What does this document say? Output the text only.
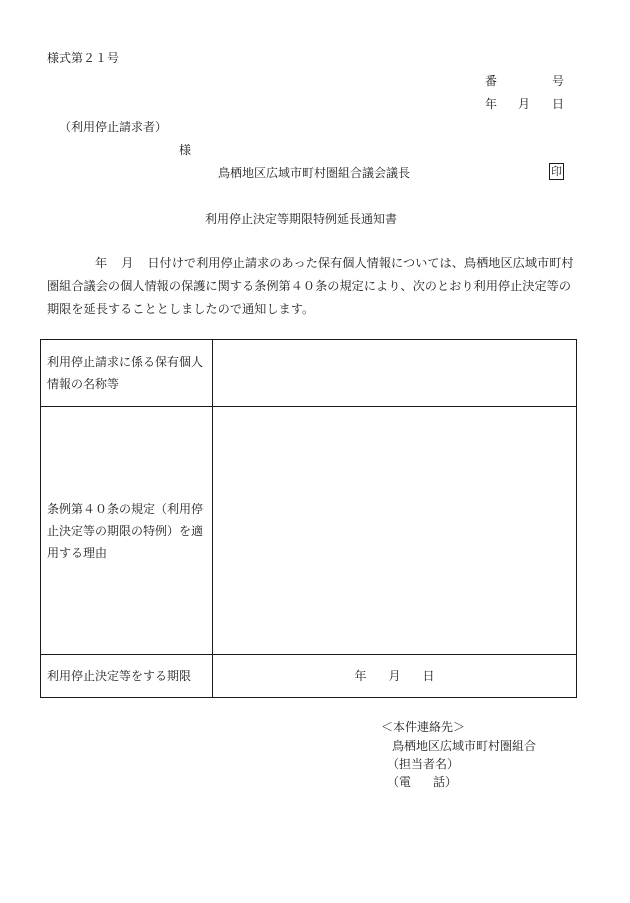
様式第２１号
番	号
年 月 日
（利用停止請求者）
様
鳥栖地区広域市町村圏組合議会議長	印
利用停止決定等期限特例延長通知書
年 月 日付けで利用停止請求のあった保有個人情報については、鳥栖地区広域市町村圏組合議会の個人情報の保護に関する条例第４０条の規定により、次のとおり利用停止決定等の期限を延長することとしましたので通知します。
利用停止請求に係る保有個人情報の名称等	
条例第４０条の規定（利用停止決定等の期限の特例）を適用する理由	
利用停止決定等をする期限	年 月 日
＜本件連絡先＞
鳥栖地区広域市町村圏組合
（担当者名）
（電 話）
